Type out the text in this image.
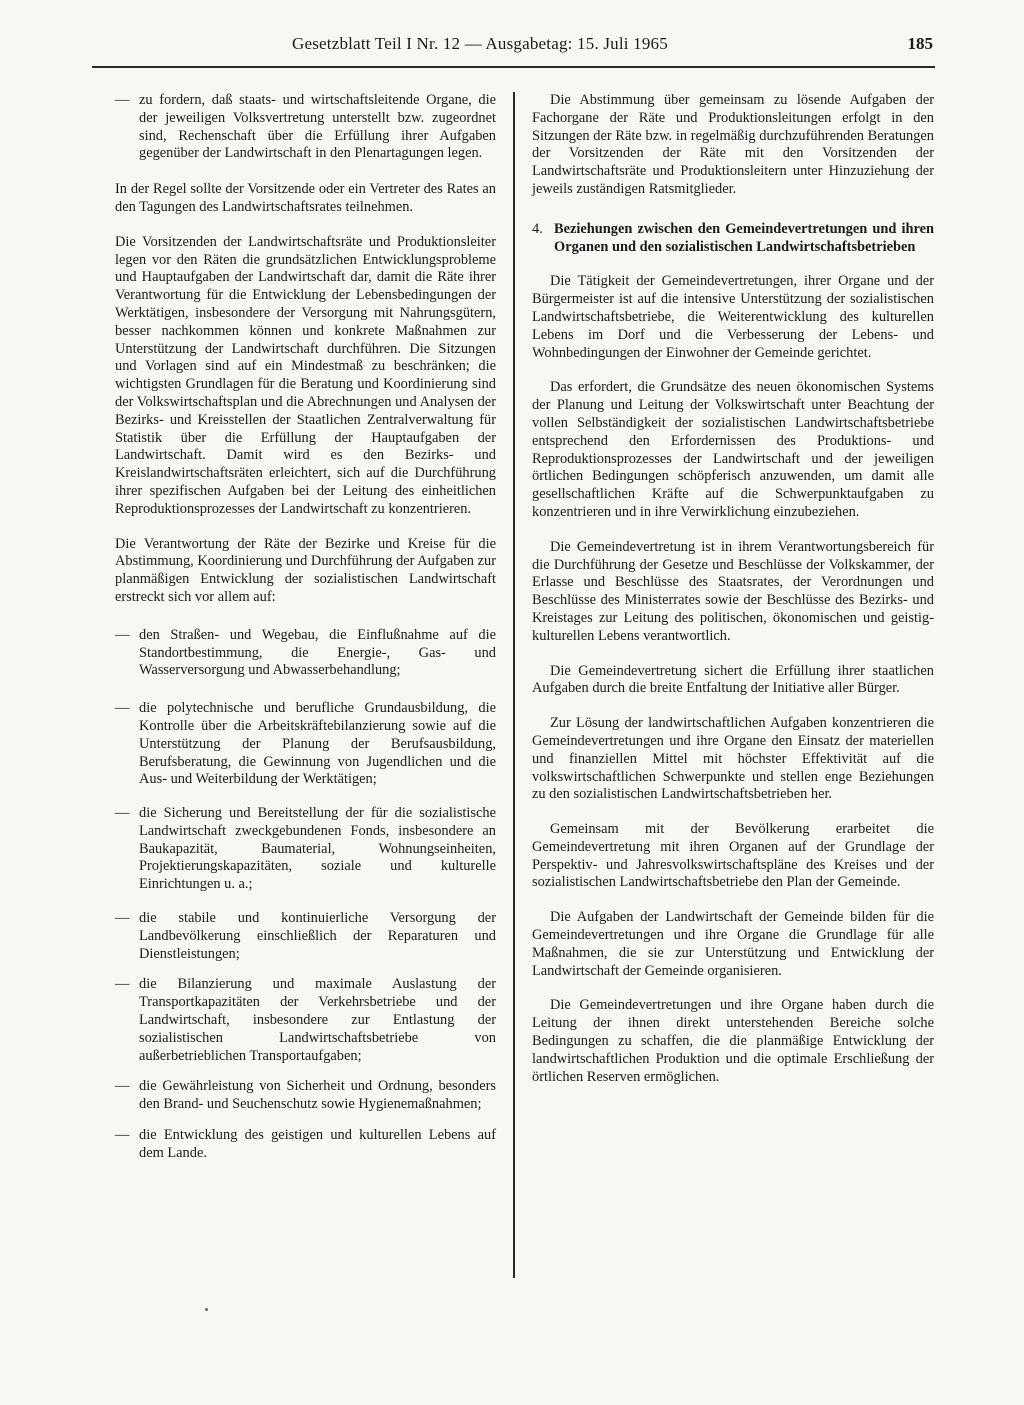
Gesetzblatt Teil I Nr. 12 — Ausgabetag: 15. Juli 1965	185
— zu fordern, daß staats- und wirtschaftsleitende Organe, die der jeweiligen Volksvertretung unterstellt bzw. zugeordnet sind, Rechenschaft über die Erfüllung ihrer Aufgaben gegenüber der Landwirtschaft in den Plenartagungen legen.

In der Regel sollte der Vorsitzende oder ein Vertreter des Rates an den Tagungen des Landwirtschaftsrates teilnehmen.

Die Vorsitzenden der Landwirtschaftsräte und Produktionsleiter legen vor den Räten die grundsätzlichen Entwicklungsprobleme und Hauptaufgaben der Landwirtschaft dar, damit die Räte ihrer Verantwortung für die Entwicklung der Lebensbedingungen der Werktätigen, insbesondere der Versorgung mit Nahrungsgütern, besser nachkommen können und konkrete Maßnahmen zur Unterstützung der Landwirtschaft durchführen. Die Sitzungen und Vorlagen sind auf ein Mindestmaß zu beschränken; die wichtigsten Grundlagen für die Beratung und Koordinierung sind der Volkswirtschaftsplan und die Abrechnungen und Analysen der Bezirks- und Kreisstellen der Staatlichen Zentralverwaltung für Statistik über die Erfüllung der Hauptaufgaben der Landwirtschaft. Damit wird es den Bezirks- und Kreislandwirtschaftsräten erleichtert, sich auf die Durchführung ihrer spezifischen Aufgaben bei der Leitung des einheitlichen Reproduktionsprozesses der Landwirtschaft zu konzentrieren.

Die Verantwortung der Räte der Bezirke und Kreise für die Abstimmung, Koordinierung und Durchführung der Aufgaben zur planmäßigen Entwicklung der sozialistischen Landwirtschaft erstreckt sich vor allem auf:

— den Straßen- und Wegebau, die Einflußnahme auf die Standortbestimmung, die Energie-, Gas- und Wasserversorgung und Abwasserbehandlung;
— die polytechnische und berufliche Grundausbildung, die Kontrolle über die Arbeitskräftebilanzierung sowie auf die Unterstützung der Planung der Berufsausbildung, Berufsberatung, die Gewinnung von Jugendlichen und die Aus- und Weiterbildung der Werktätigen;
— die Sicherung und Bereitstellung der für die sozialistische Landwirtschaft zweckgebundenen Fonds, insbesondere an Baukapazität, Baumaterial, Wohnungseinheiten, Projektierungskapazitäten, soziale und kulturelle Einrichtungen u. a.;
— die stabile und kontinuierliche Versorgung der Landbevölkerung einschließlich der Reparaturen und Dienstleistungen;
— die Bilanzierung und maximale Auslastung der Transportkapazitäten der Verkehrsbetriebe und der Landwirtschaft, insbesondere zur Entlastung der sozialistischen Landwirtschaftsbetriebe von außerbetrieblichen Transportaufgaben;
— die Gewährleistung von Sicherheit und Ordnung, besonders den Brand- und Seuchenschutz sowie Hygienemaßnahmen;
— die Entwicklung des geistigen und kulturellen Lebens auf dem Lande.

Die Abstimmung über gemeinsam zu lösende Aufgaben der Fachorgane der Räte und Produktionsleitungen erfolgt in den Sitzungen der Räte bzw. in regelmäßig durchzuführenden Beratungen der Vorsitzenden der Räte mit den Vorsitzenden der Landwirtschaftsräte und Produktionsleitern unter Hinzuziehung der jeweils zuständigen Ratsmitglieder.

4. Beziehungen zwischen den Gemeindevertretungen und ihren Organen und den sozialistischen Landwirtschaftsbetrieben

Die Tätigkeit der Gemeindevertretungen, ihrer Organe und der Bürgermeister ist auf die intensive Unterstützung der sozialistischen Landwirtschaftsbetriebe, die Weiterentwicklung des kulturellen Lebens im Dorf und die Verbesserung der Lebens- und Wohnbedingungen der Einwohner der Gemeinde gerichtet.

Das erfordert, die Grundsätze des neuen ökonomischen Systems der Planung und Leitung der Volkswirtschaft unter Beachtung der vollen Selbständigkeit der sozialistischen Landwirtschaftsbetriebe entsprechend den Erfordernissen des Produktions- und Reproduktionsprozesses der Landwirtschaft und der jeweiligen örtlichen Bedingungen schöpferisch anzuwenden, um damit alle gesellschaftlichen Kräfte auf die Schwerpunktaufgaben zu konzentrieren und in ihre Verwirklichung einzubeziehen.

Die Gemeindevertretung ist in ihrem Verantwortungsbereich für die Durchführung der Gesetze und Beschlüsse der Volkskammer, der Erlasse und Beschlüsse des Staatsrates, der Verordnungen und Beschlüsse des Ministerrates sowie der Beschlüsse des Bezirks- und Kreistages zur Leitung des politischen, ökonomischen und geistig-kulturellen Lebens verantwortlich.

Die Gemeindevertretung sichert die Erfüllung ihrer staatlichen Aufgaben durch die breite Entfaltung der Initiative aller Bürger.

Zur Lösung der landwirtschaftlichen Aufgaben konzentrieren die Gemeindevertretungen und ihre Organe den Einsatz der materiellen und finanziellen Mittel mit höchster Effektivität auf die volkswirtschaftlichen Schwerpunkte und stellen enge Beziehungen zu den sozialistischen Landwirtschaftsbetrieben her.

Gemeinsam mit der Bevölkerung erarbeitet die Gemeindevertretung mit ihren Organen auf der Grundlage der Perspektiv- und Jahresvolkswirtschaftspläne des Kreises und der sozialistischen Landwirtschaftsbetriebe den Plan der Gemeinde.

Die Aufgaben der Landwirtschaft der Gemeinde bilden für die Gemeindevertretungen und ihre Organe die Grundlage für alle Maßnahmen, die sie zur Unterstützung und Entwicklung der Landwirtschaft der Gemeinde organisieren.

Die Gemeindevertretungen und ihre Organe haben durch die Leitung der ihnen direkt unterstehenden Bereiche solche Bedingungen zu schaffen, die die planmäßige Entwicklung der landwirtschaftlichen Produktion und die optimale Erschließung der örtlichen Reserven ermöglichen.
